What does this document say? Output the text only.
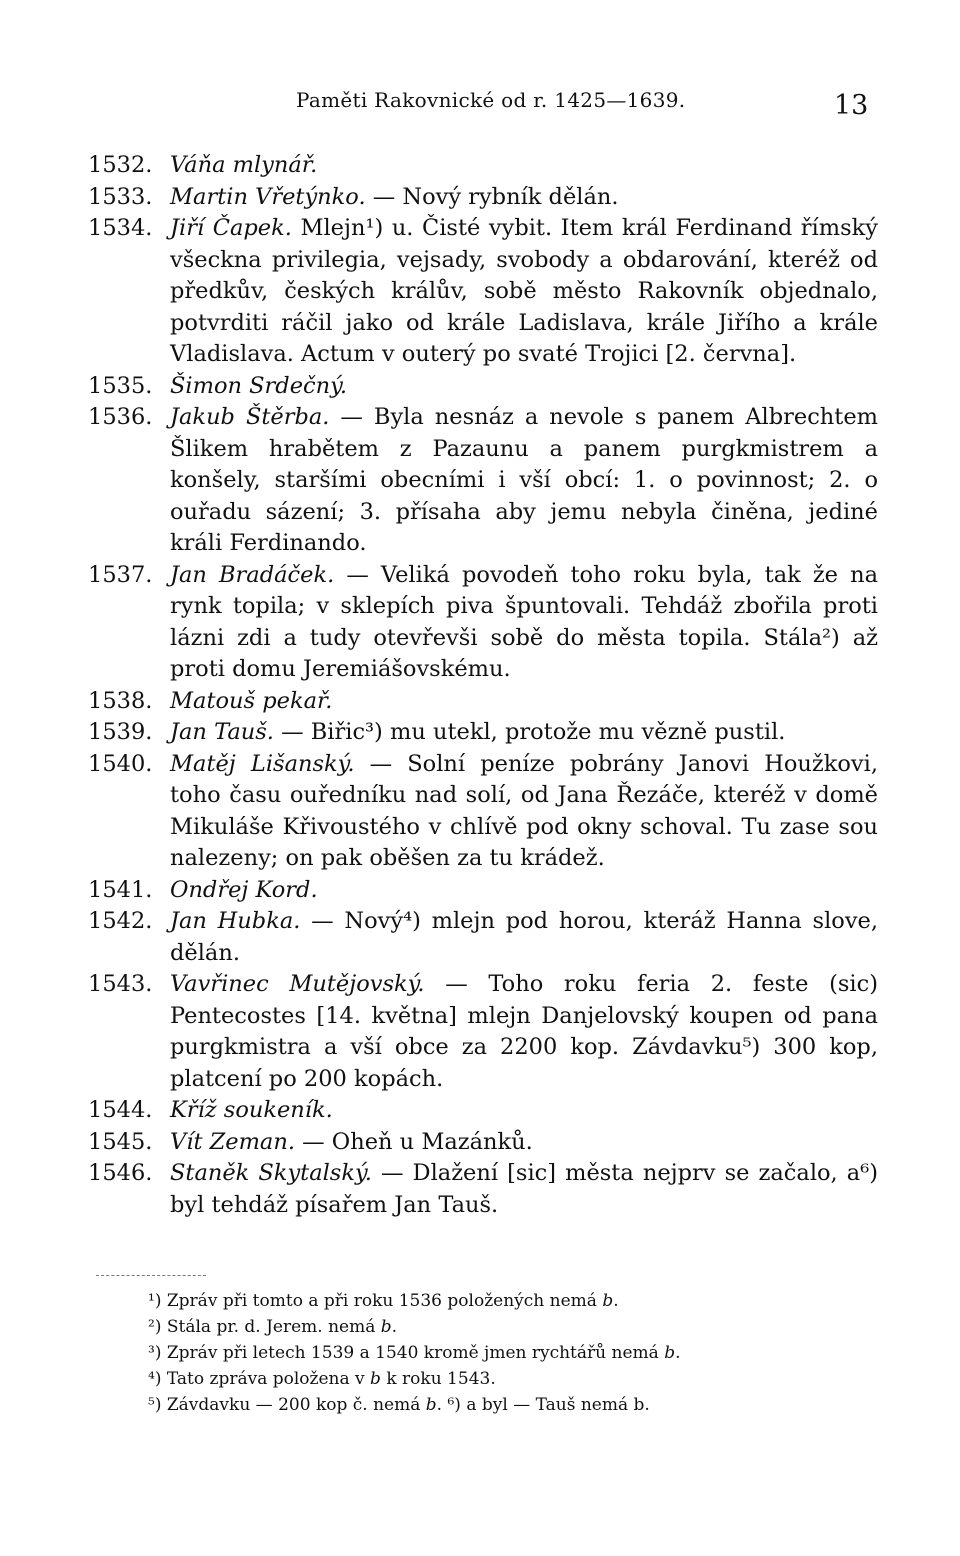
Paměti Rakovnické od r. 1425—1639.	13
1532. Váňa mlynář.
1533. Martin Vřetýnko. — Nový rybník dělán.
1534. Jiří Čapek. Mlejn¹) u. Čisté vybit. Item král Ferdinand římský všeckna privilegia, vejsady, svobody a obdarování, kteréž od předkův, českých králův, sobě město Rakovník objednalo, potvrditi ráčil jako od krále Ladislava, krále Jiřího a krále Vladislava. Actum v outerý po svaté Trojici [2. června].
1535. Šimon Srdečný.
1536. Jakub Štěrba. — Byla nesnáz a nevole s panem Albrechtem Šlikem hrabětem z Pazaunu a panem purgkmistrem a konšely, staršími obecními i vší obcí: 1. o povinnost; 2. o ouřadu sázení; 3. přísaha aby jemu nebyla činěna, jediné králi Ferdinando.
1537. Jan Bradáček. — Veliká povodeň toho roku byla, tak že na rynk topila; v sklepích piva špuntovali. Tehdáž zbořila proti lázni zdi a tudy otevřevši sobě do města topila. Stála²) až proti domu Jeremiášovskému.
1538. Matouš pekař.
1539. Jan Tauš. — Biřic³) mu utekl, protože mu vězně pustil.
1540. Matěj Lišanský. — Solní peníze pobrány Janovi Houžkovi, toho času ouředníku nad solí, od Jana Řezáče, kteréž v domě Mikuláše Křivoustého v chlívě pod okny schoval. Tu zase sou nalezeny; on pak oběšen za tu krádež.
1541. Ondřej Kord.
1542. Jan Hubka. — Nový⁴) mlejn pod horou, kteráž Hanna slove, dělán.
1543. Vavřinec Mutějovský. — Toho roku feria 2. feste (sic) Pentecostes [14. května] mlejn Danjelovský koupen od pana purgkmistra a vší obce za 2200 kop. Závdavku⁵) 300 kop, platcení po 200 kopách.
1544. Kříž soukeník.
1545. Vít Zeman. — Oheň u Mazánků.
1546. Staněk Skytalský. — Dlažení [sic] města nejprv se začalo, a⁶) byl tehdáž písařem Jan Tauš.
¹) Zpráv při tomto a při roku 1536 položených nemá b.
²) Stála pr. d. Jerem. nemá b.
³) Zpráv při letech 1539 a 1540 kromě jmen rychtářů nemá b.
⁴) Tato zpráva položena v b k roku 1543.
⁵) Závdavku — 200 kop č. nemá b. ⁶) a byl — Tauš nemá b.
